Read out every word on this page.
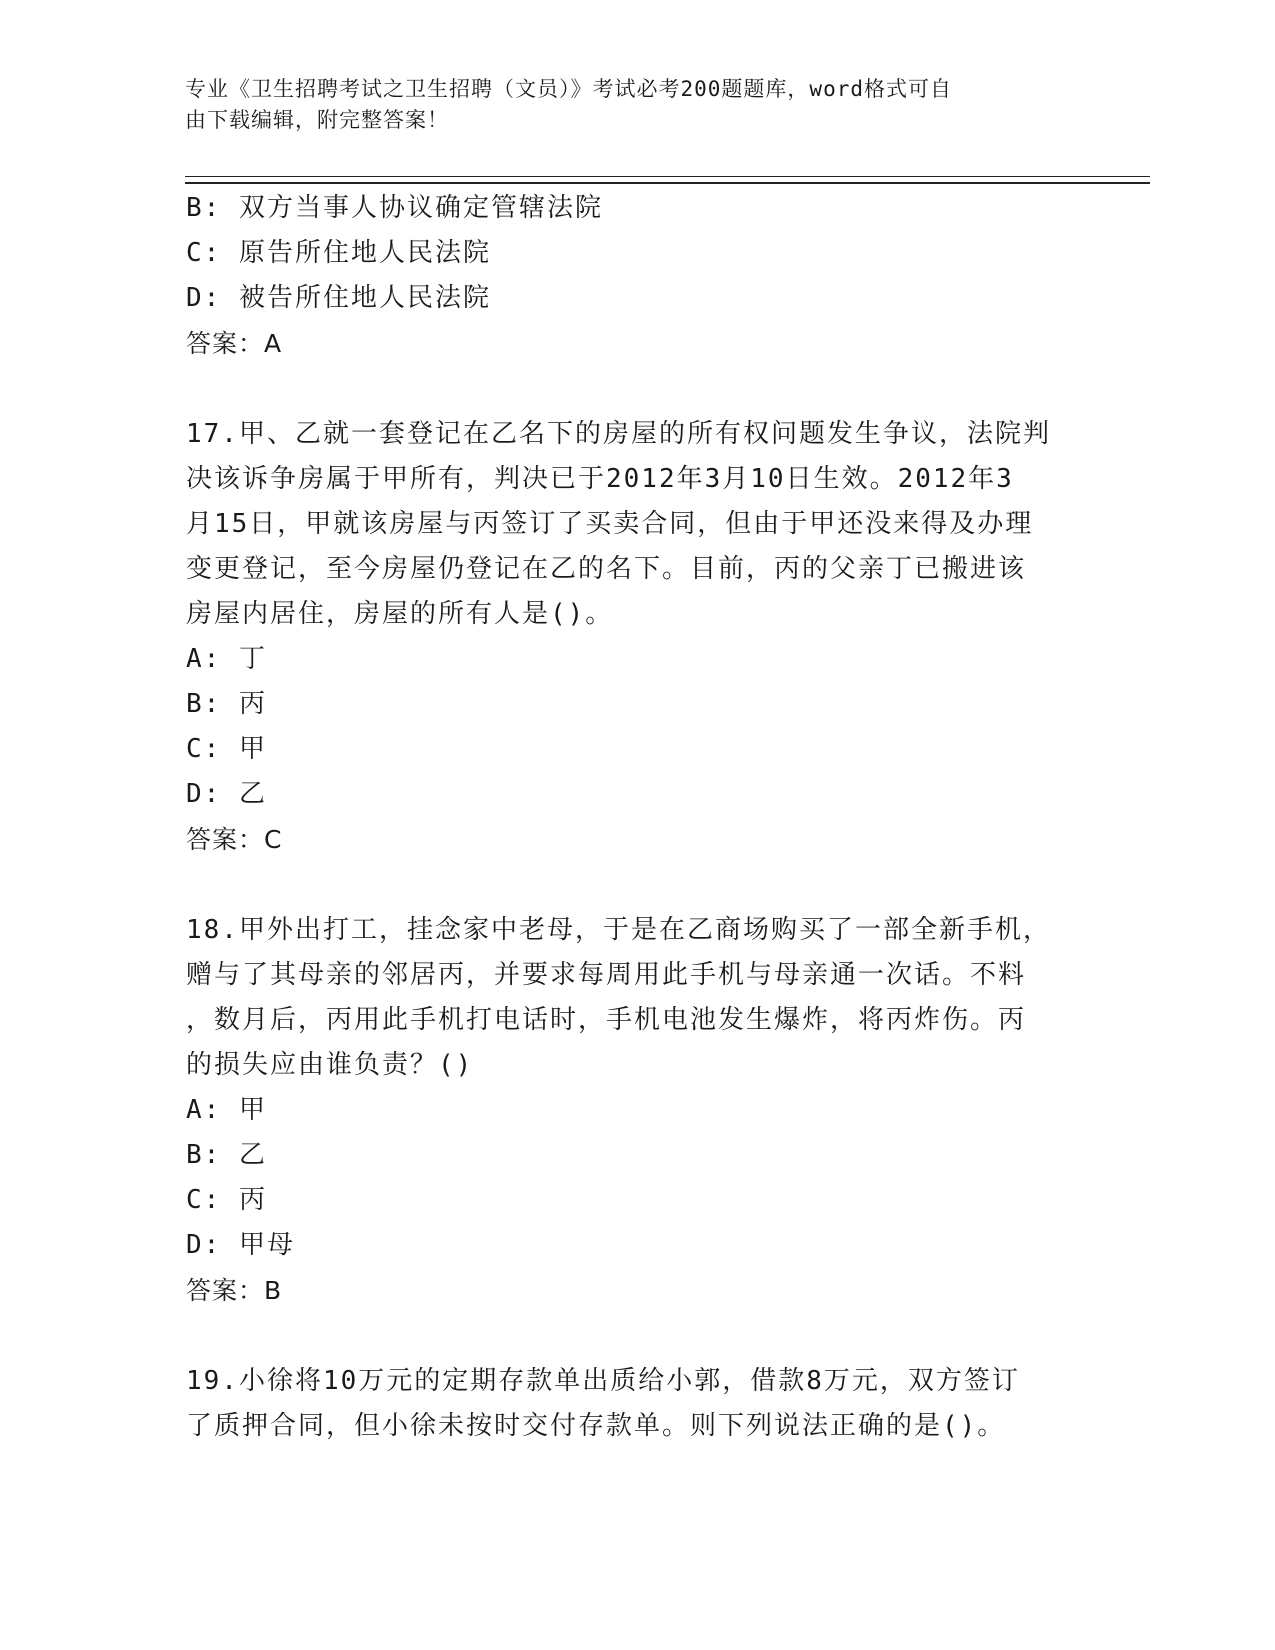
专业《卫生招聘考试之卫生招聘（文员）》考试必考200题题库，word格式可自
由下载编辑，附完整答案！
B: 双方当事人协议确定管辖法院
C: 原告所住地人民法院
D: 被告所住地人民法院
答案：A
17.甲、乙就一套登记在乙名下的房屋的所有权问题发生争议，法院判
决该诉争房属于甲所有，判决已于2012年3月10日生效。2012年3
月15日，甲就该房屋与丙签订了买卖合同，但由于甲还没来得及办理
变更登记，至今房屋仍登记在乙的名下。目前，丙的父亲丁已搬进该
房屋内居住，房屋的所有人是()。
A: 丁
B: 丙
C: 甲
D: 乙
答案：C
18.甲外出打工，挂念家中老母，于是在乙商场购买了一部全新手机，
赠与了其母亲的邻居丙，并要求每周用此手机与母亲通一次话。不料
，数月后，丙用此手机打电话时，手机电池发生爆炸，将丙炸伤。丙
的损失应由谁负责？()
A: 甲
B: 乙
C: 丙
D: 甲母
答案：B
19.小徐将10万元的定期存款单出质给小郭，借款8万元，双方签订
了质押合同，但小徐未按时交付存款单。则下列说法正确的是()。
